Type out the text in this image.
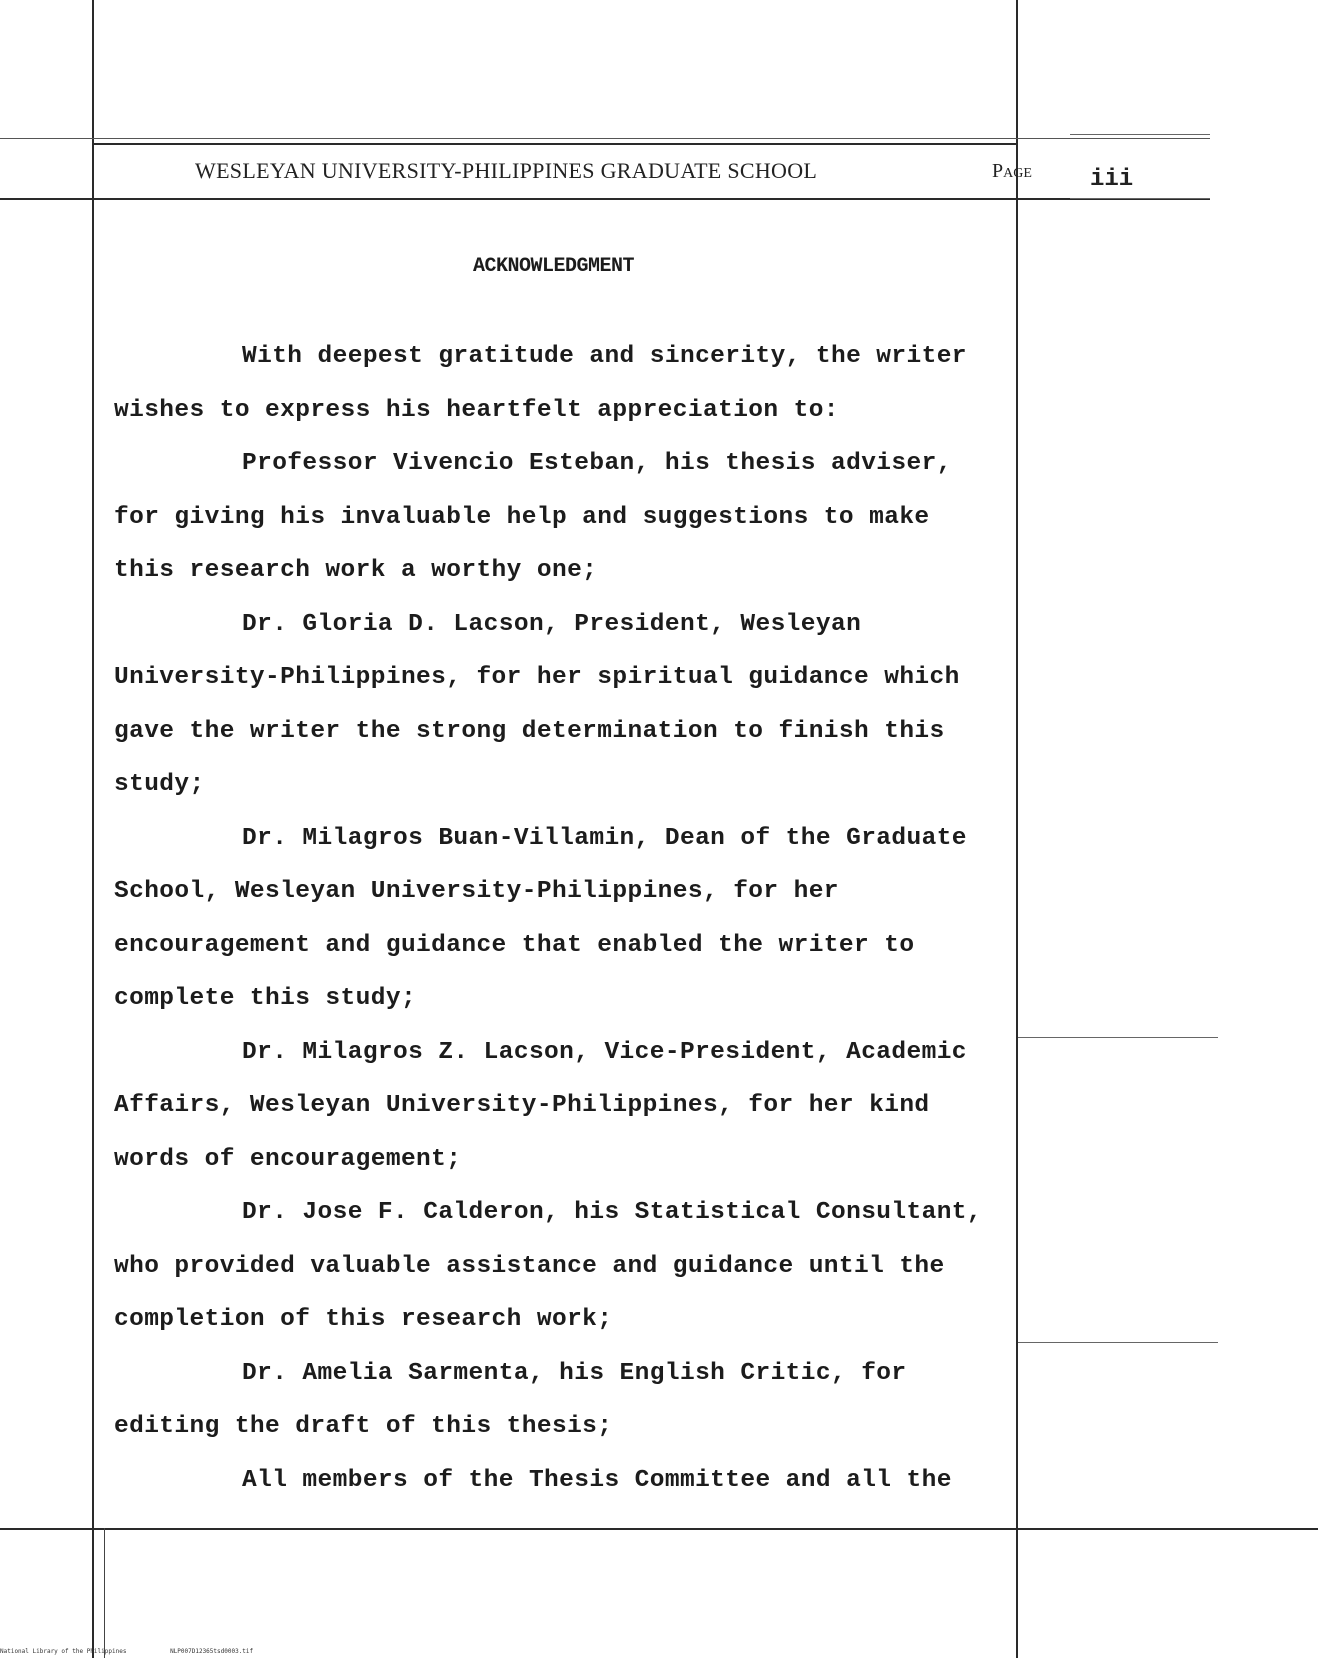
WESLEYAN UNIVERSITY-PHILIPPINES GRADUATE SCHOOL	Page iii
ACKNOWLEDGMENT

With deepest gratitude and sincerity, the writer
wishes to express his heartfelt appreciation to:

Professor Vivencio Esteban, his thesis adviser,
for giving his invaluable help and suggestions to make
this research work a worthy one;

Dr. Gloria D. Lacson, President, Wesleyan
University-Philippines, for her spiritual guidance which
gave the writer the strong determination to finish this
study;

Dr. Milagros Buan-Villamin, Dean of the Graduate
School, Wesleyan University-Philippines, for her
encouragement and guidance that enabled the writer to
complete this study;

Dr. Milagros Z. Lacson, Vice-President, Academic
Affairs, Wesleyan University-Philippines, for her kind
words of encouragement;

Dr. Jose F. Calderon, his Statistical Consultant,
who provided valuable assistance and guidance until the
completion of this research work;

Dr. Amelia Sarmenta, his English Critic, for
editing the draft of this thesis;

All members of the Thesis Committee and all the

National Library of the Philippines	NLP007D12365tsd0003.tif
